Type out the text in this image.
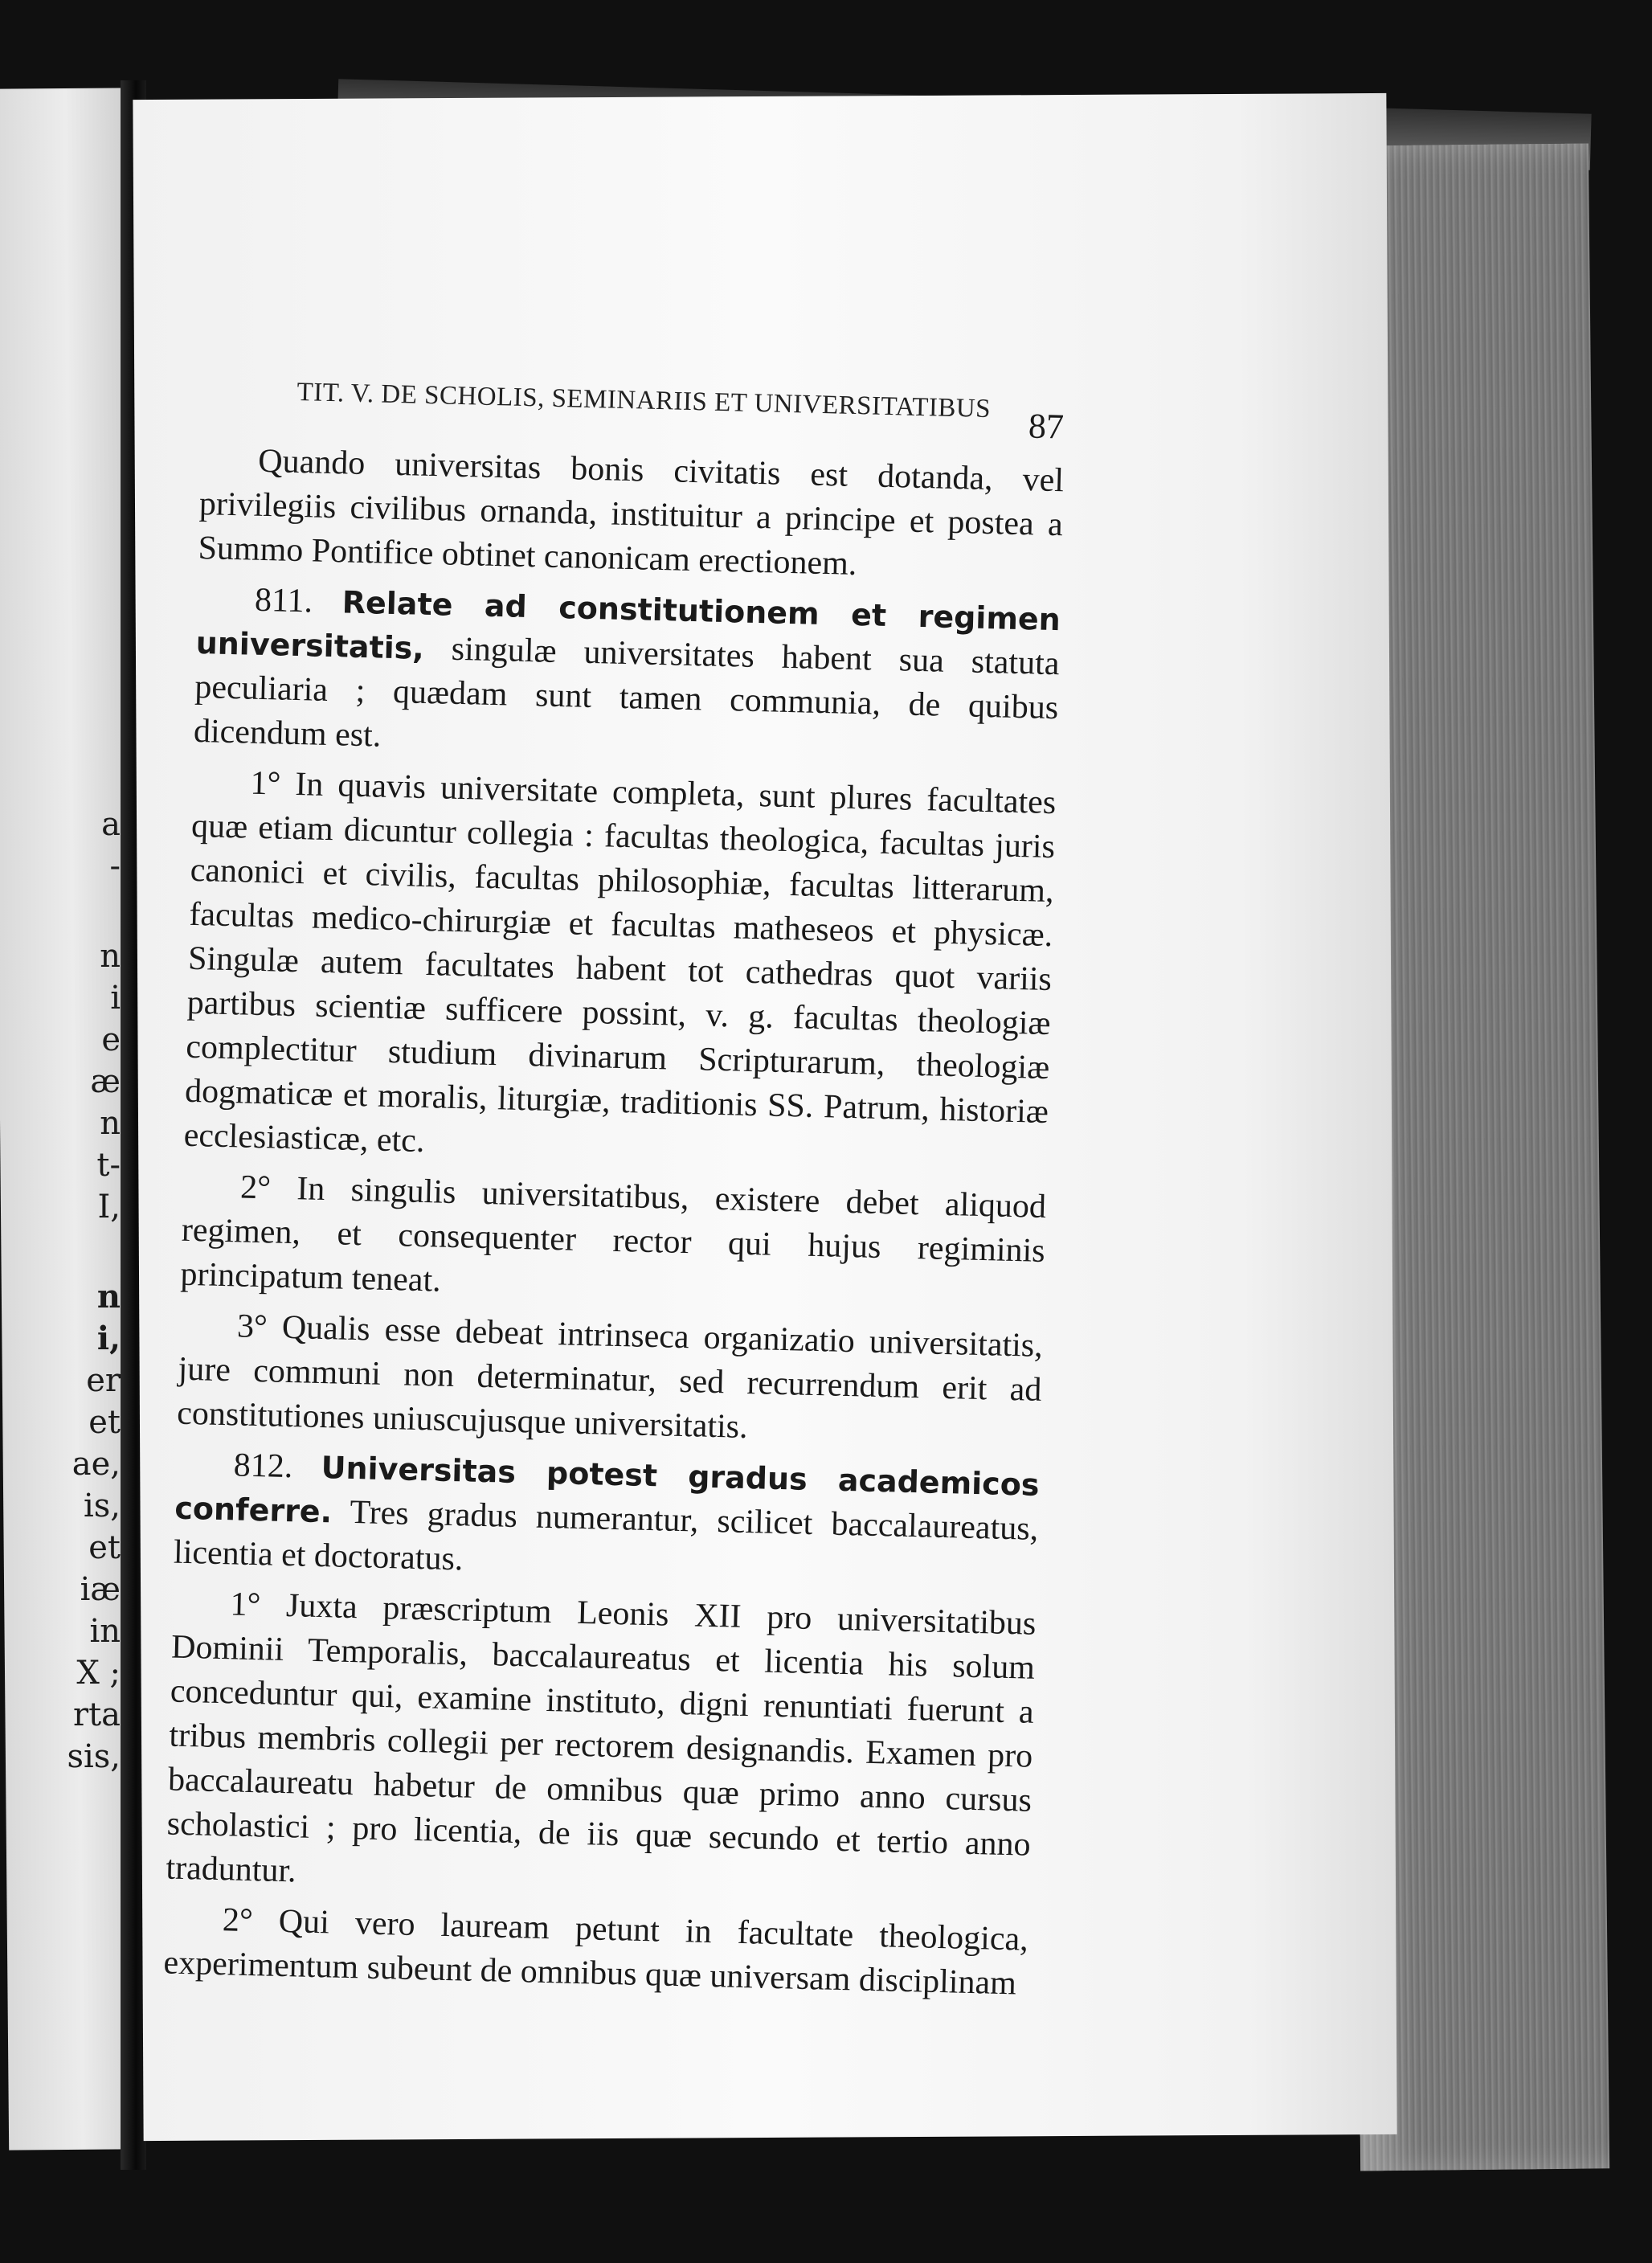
a
-
n
i
e
æ
n
t-
I,
n
i,
er
et
ae,
is,
et
iæ
in
X ;
rta
sis,
TIT. V. DE SCHOLIS, SEMINARIIS ET UNIVERSITATIBUS
87

Quando universitas bonis civitatis est dotanda, vel privilegiis civilibus ornanda, instituitur a principe et postea a Summo Pontifice obtinet canonicam erectionem.

811. Relate ad constitutionem et regimen universitatis, singulæ universitates habent sua statuta peculiaria ; quædam sunt tamen communia, de quibus dicendum est.

1° In quavis universitate completa, sunt plures facultates quæ etiam dicuntur collegia : facultas theologica, facultas juris canonici et civilis, facultas philosophiæ, facultas litterarum, facultas medico-chirurgiæ et facultas matheseos et physicæ. Singulæ autem facultates habent tot cathedras quot variis partibus scientiæ sufficere possint, v. g. facultas theologiæ complectitur studium divinarum Scripturarum, theologiæ dogmaticæ et moralis, liturgiæ, traditionis SS. Patrum, historiæ ecclesiasticæ, etc.

2° In singulis universitatibus, existere debet aliquod regimen, et consequenter rector qui hujus regiminis principatum teneat.

3° Qualis esse debeat intrinseca organizatio universitatis, jure communi non determinatur, sed recurrendum erit ad constitutiones uniuscujusque universitatis.

812. Universitas potest gradus academicos conferre. Tres gradus numerantur, scilicet baccalaureatus, licentia et doctoratus.

1° Juxta præscriptum Leonis XII pro universitatibus Dominii Temporalis, baccalaureatus et licentia his solum conceduntur qui, examine instituto, digni renuntiati fuerunt a tribus membris collegii per rectorem designandis. Examen pro baccalaureatu habetur de omnibus quæ primo anno cursus scholastici ; pro licentia, de iis quæ secundo et tertio anno traduntur.

2° Qui vero lauream petunt in facultate theologica, experimentum subeunt de omnibus quæ universam disciplinam
